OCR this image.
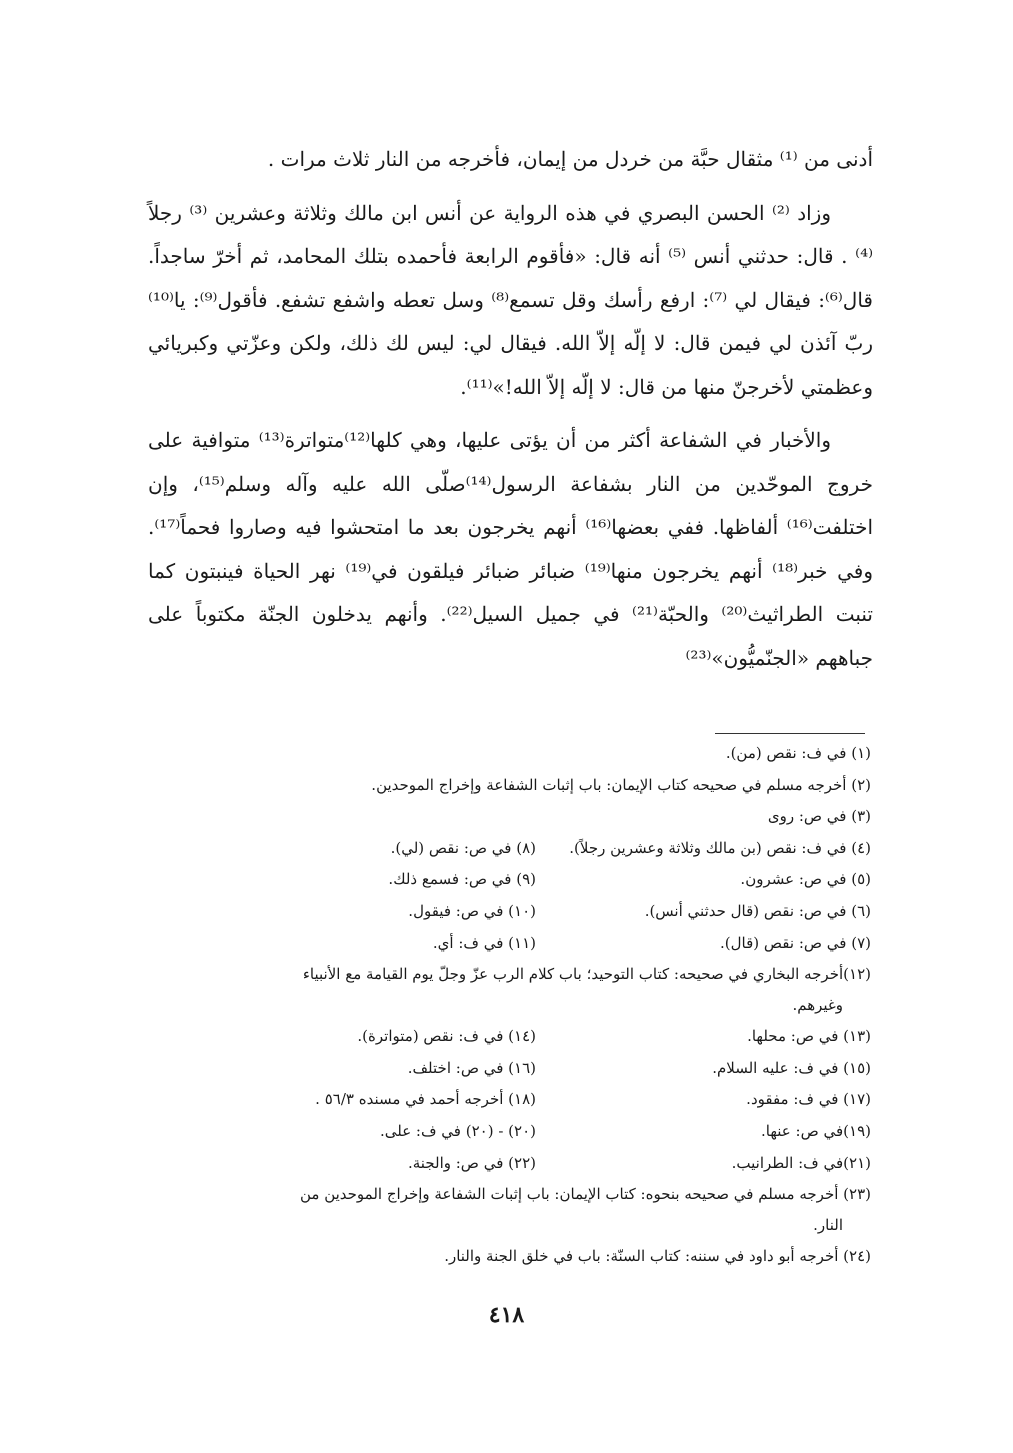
أدنى من ⁽¹⁾ مثقال حبَّة من خردل من إيمان، فأخرجه من النار ثلاث مرات .

وزاد ⁽²⁾ الحسن البصري في هذه الرواية عن أنس ابن مالك وثلاثة وعشرين ⁽³⁾ رجلاً ⁽⁴⁾ . قال: حدثني أنس ⁽⁵⁾ أنه قال: «فأقوم الرابعة فأحمده بتلك المحامد، ثم أخرّ ساجداً. قال⁽⁶⁾: فيقال لي ⁽⁷⁾: ارفع رأسك وقل تسمع⁽⁸⁾ وسل تعطه واشفع تشفع. فأقول⁽⁹⁾: يا⁽¹⁰⁾ربّ آئذن لي فيمن قال: لا إلّه إلاّ الله. فيقال لي: ليس لك ذلك، ولكن وعزّتي وكبريائي وعظمتي لأخرجنّ منها من قال: لا إلّه إلاّ الله!»⁽¹¹⁾.

والأخبار في الشفاعة أكثر من أن يؤتى عليها، وهي كلها⁽¹²⁾متواترة⁽¹³⁾ متوافية على خروج الموحّدين من النار بشفاعة الرسول⁽¹⁴⁾صلّى الله عليه وآله وسلم⁽¹⁵⁾، وإن اختلفت⁽¹⁶⁾ ألفاظها. ففي بعضها⁽¹⁶⁾ أنهم يخرجون بعد ما امتحشوا فيه وصاروا فحماً⁽¹⁷⁾. وفي خبر⁽¹⁸⁾ أنهم يخرجون منها⁽¹⁹⁾ ضبائر ضبائر فيلقون في⁽¹⁹⁾ نهر الحياة فينبتون كما تنبت الطراثيث⁽²⁰⁾ والحبّة⁽²¹⁾ في جميل السيل⁽²²⁾. وأنهم يدخلون الجنّة مكتوباً على جباههم «الجنّميُّون»⁽²³⁾

(١) في ف: نقص (من).
(٢) أخرجه مسلم في صحيحه كتاب الإيمان: باب إثبات الشفاعة وإخراج الموحدين.
(٣) في ص: روى
(٤) في ف: نقص (بن مالك وثلاثة وعشرين رجلاً).
(٨) في ص: نقص (لي).
(٥) في ص: عشرون.
(٩) في ص: فسمع ذلك.
(٦) في ص: نقص (قال حدثني أنس).
(١٠) في ص: فيقول.
(٧) في ص: نقص (قال).
(١١) في ف: أي.
(١٢)أخرجه البخاري في صحيحه: كتاب التوحيد؛ باب كلام الرب عزّ وجلّ يوم القيامة مع الأنبياء
وغيرهم.
(١٣) في ص: محلها.
(١٤) في ف: نقص (متواترة).
(١٥) في ف: عليه السلام.
(١٦) في ص: اختلف.
(١٧) في ف: مفقود.
(١٨) أخرجه أحمد في مسنده ٥٦/٣ .
(١٩)في ص: عنها.
(٢٠) - (٢٠) في ف: على.
(٢١)في ف: الطرانيب.
(٢٢) في ص: والجنة.
(٢٣) أخرجه مسلم في صحيحه بنحوه: كتاب الإيمان: باب إثبات الشفاعة وإخراج الموحدين من
النار.
(٢٤) أخرجه أبو داود في سننه: كتاب السنّة: باب في خلق الجنة والنار.
٤١٨
